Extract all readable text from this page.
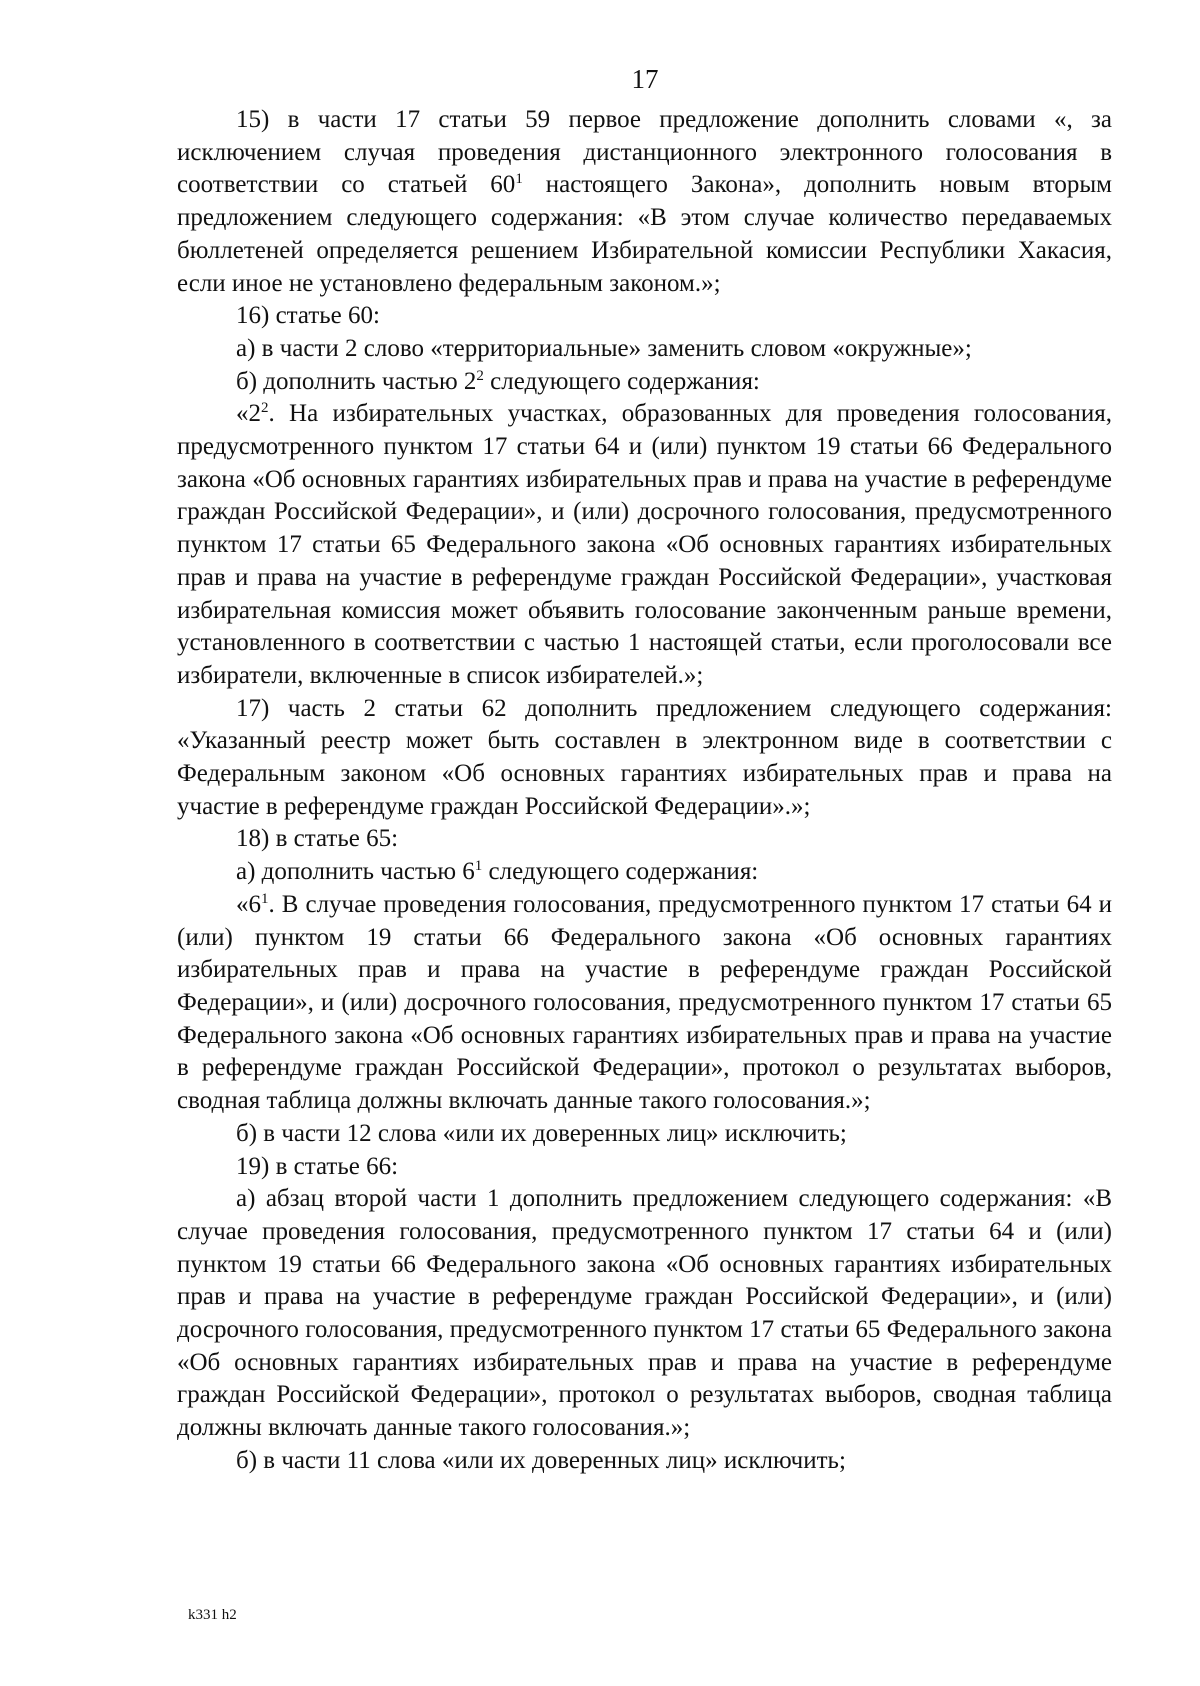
17

15) в части 17 статьи 59 первое предложение дополнить словами «, за исключением случая проведения дистанционного электронного голосования в соответствии со статьей $60^1$ настоящего Закона», дополнить новым вторым предложением следующего содержания: «В этом случае количество передаваемых бюллетеней определяется решением Избирательной комиссии Республики Хакасия, если иное не установлено федеральным законом.»;

16) статье 60:

а) в части 2 слово «территориальные» заменить словом «окружные»;

б) дополнить частью $2^2$ следующего содержания:

«$2^2$. На избирательных участках, образованных для проведения голосования, предусмотренного пунктом 17 статьи 64 и (или) пунктом 19 статьи 66 Федерального закона «Об основных гарантиях избирательных прав и права на участие в референдуме граждан Российской Федерации», и (или) досрочного голосования, предусмотренного пунктом 17 статьи 65 Федерального закона «Об основных гарантиях избирательных прав и права на участие в референдуме граждан Российской Федерации», участковая избирательная комиссия может объявить голосование законченным раньше времени, установленного в соответствии с частью 1 настоящей статьи, если проголосовали все избиратели, включенные в список избирателей.»;

17) часть 2 статьи 62 дополнить предложением следующего содержания: «Указанный реестр может быть составлен в электронном виде в соответствии с Федеральным законом «Об основных гарантиях избирательных прав и права на участие в референдуме граждан Российской Федерации».»;

18) в статье 65:

а) дополнить частью $6^1$ следующего содержания:

«$6^1$. В случае проведения голосования, предусмотренного пунктом 17 статьи 64 и (или) пунктом 19 статьи 66 Федерального закона «Об основных гарантиях избирательных прав и права на участие в референдуме граждан Российской Федерации», и (или) досрочного голосования, предусмотренного пунктом 17 статьи 65 Федерального закона «Об основных гарантиях избирательных прав и права на участие в референдуме граждан Российской Федерации», протокол о результатах выборов, сводная таблица должны включать данные такого голосования.»;

б) в части 12 слова «или их доверенных лиц» исключить;

19) в статье 66:

а) абзац второй части 1 дополнить предложением следующего содержания: «В случае проведения голосования, предусмотренного пунктом 17 статьи 64 и (или) пунктом 19 статьи 66 Федерального закона «Об основных гарантиях избирательных прав и права на участие в референдуме граждан Российской Федерации», и (или) досрочного голосования, предусмотренного пунктом 17 статьи 65 Федерального закона «Об основных гарантиях избирательных прав и права на участие в референдуме граждан Российской Федерации», протокол о результатах выборов, сводная таблица должны включать данные такого голосования.»;

б) в части 11 слова «или их доверенных лиц» исключить;

k331 h2
